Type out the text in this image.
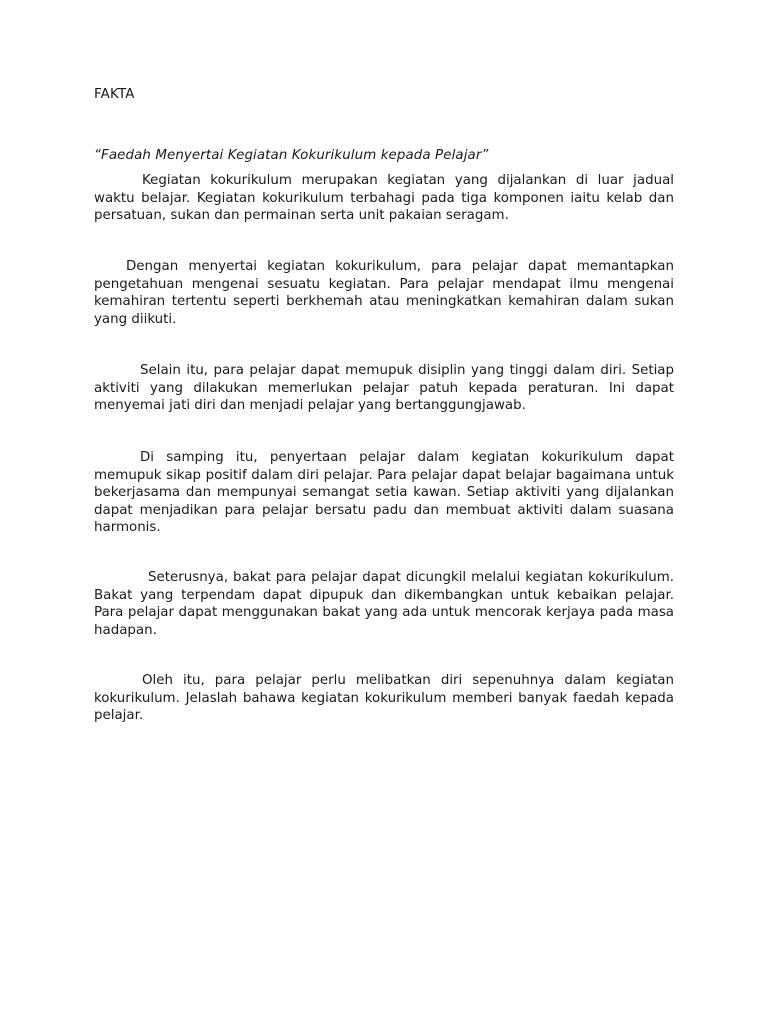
FAKTA
“Faedah Menyertai Kegiatan Kokurikulum kepada Pelajar”

Kegiatan kokurikulum merupakan kegiatan yang dijalankan di luar jadual waktu belajar. Kegiatan kokurikulum terbahagi pada tiga komponen iaitu kelab dan persatuan, sukan dan permainan serta unit pakaian seragam.

Dengan menyertai kegiatan kokurikulum, para pelajar dapat memantapkan pengetahuan mengenai sesuatu kegiatan. Para pelajar mendapat ilmu mengenai kemahiran tertentu seperti berkhemah atau meningkatkan kemahiran dalam sukan yang diikuti.

Selain itu, para pelajar dapat memupuk disiplin yang tinggi dalam diri. Setiap aktiviti yang dilakukan memerlukan pelajar patuh kepada peraturan. Ini dapat menyemai jati diri dan menjadi pelajar yang bertanggungjawab.

Di samping itu, penyertaan pelajar dalam kegiatan kokurikulum dapat memupuk sikap positif dalam diri pelajar. Para pelajar dapat belajar bagaimana untuk bekerjasama dan mempunyai semangat setia kawan. Setiap aktiviti yang dijalankan dapat menjadikan para pelajar bersatu padu dan membuat aktiviti dalam suasana harmonis.

Seterusnya, bakat para pelajar dapat dicungkil melalui kegiatan kokurikulum. Bakat yang terpendam dapat dipupuk dan dikembangkan untuk kebaikan pelajar. Para pelajar dapat menggunakan bakat yang ada untuk mencorak kerjaya pada masa hadapan.

Oleh itu, para pelajar perlu melibatkan diri sepenuhnya dalam kegiatan kokurikulum. Jelaslah bahawa kegiatan kokurikulum memberi banyak faedah kepada pelajar.
